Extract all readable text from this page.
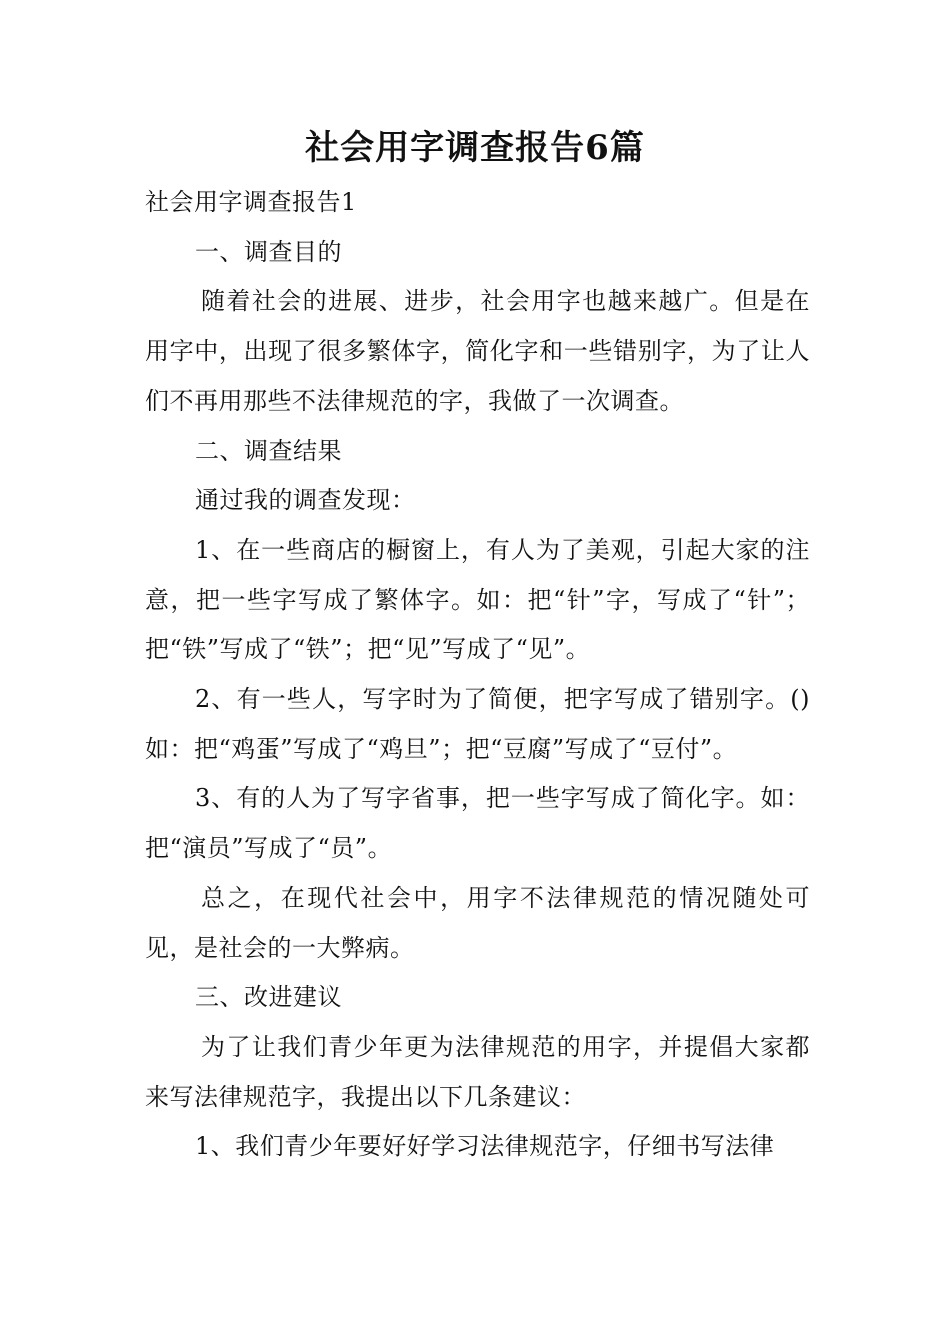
社会用字调查报告6篇

社会用字调查报告1

一、调查目的

随着社会的进展、进步，社会用字也越来越广。但是在用字中，出现了很多繁体字，简化字和一些错别字，为了让人们不再用那些不法律规范的字，我做了一次调查。

二、调查结果

通过我的调查发现：

1、在一些商店的橱窗上，有人为了美观，引起大家的注意，把一些字写成了繁体字。如：把“针”字，写成了“针”；把“铁”写成了“铁”；把“见”写成了“见”。

2、有一些人，写字时为了简便，把字写成了错别字。()如：把“鸡蛋”写成了“鸡旦”；把“豆腐”写成了“豆付”。

3、有的人为了写字省事，把一些字写成了简化字。如：把“演员”写成了“员”。

总之，在现代社会中，用字不法律规范的情况随处可见，是社会的一大弊病。

三、改进建议

为了让我们青少年更为法律规范的用字，并提倡大家都来写法律规范字，我提出以下几条建议：

1、我们青少年要好好学习法律规范字，仔细书写法律
